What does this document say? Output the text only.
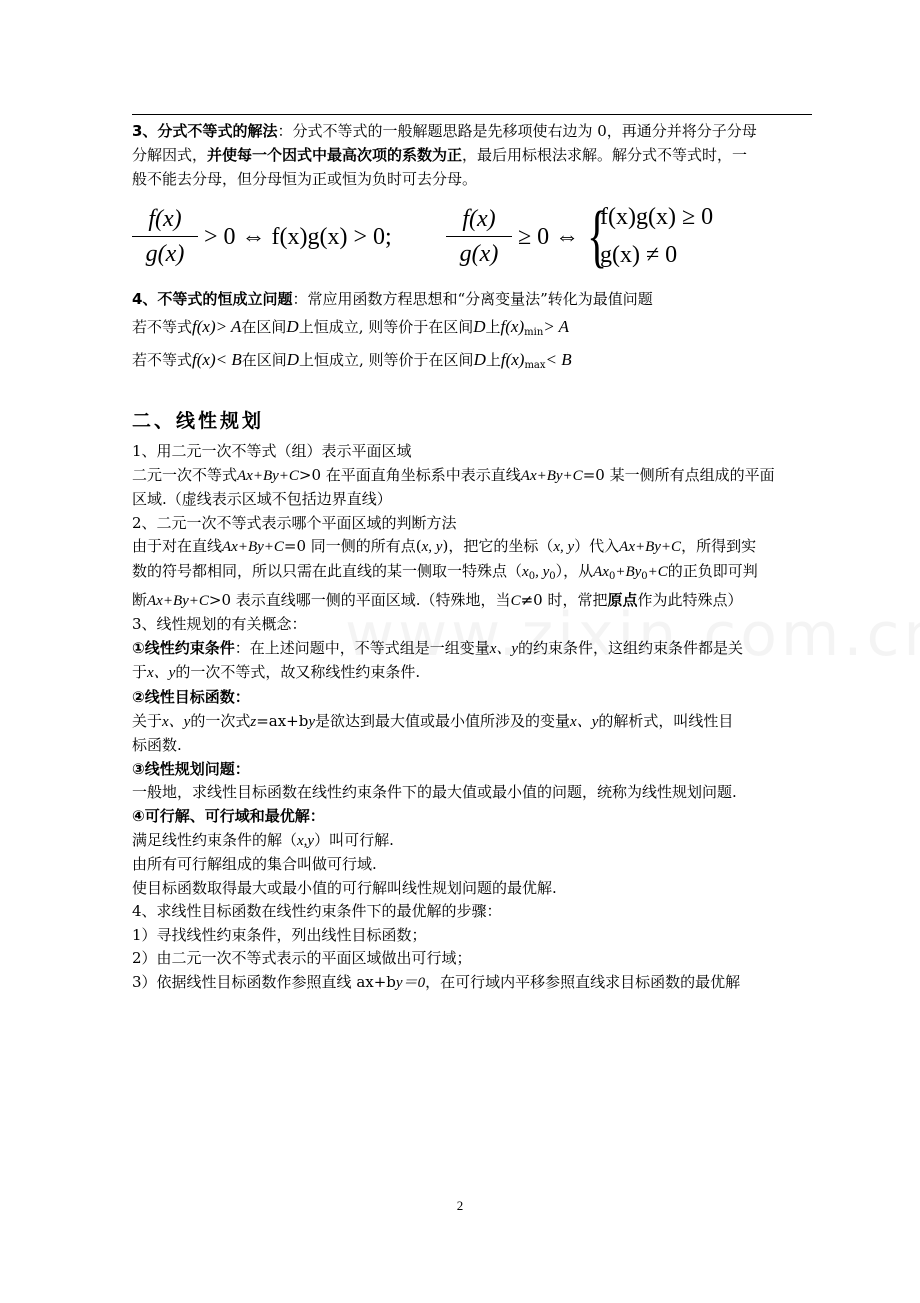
3、分式不等式的解法：分式不等式的一般解题思路是先移项使右边为 0，再通分并将分子分母
分解因式，并使每一个因式中最高次项的系数为正，最后用标根法求解。解分式不等式时，一
般不能去分母，但分母恒为正或恒为负时可去分母。
f(x)
g(x)
> 0 ⇔ f(x)g(x) > 0;
f(x)
g(x)
≥ 0 ⇔ {
f(x)g(x) ≥ 0
g(x) ≠ 0
4、不等式的恒成立问题：常应用函数方程思想和“分离变量法”转化为最值问题
若不等式f(x)> A在区间D上恒成立, 则等价于在区间D上$f(x)_{min}> A$
若不等式f(x)< B在区间D上恒成立, 则等价于在区间D上$f(x)_{max}< B$
二、线性规划
1、用二元一次不等式（组）表示平面区域
二元一次不等式Ax+By+C>0 在平面直角坐标系中表示直线Ax+By+C=0 某一侧所有点组成的平面
区域.（虚线表示区域不包括边界直线）
2、二元一次不等式表示哪个平面区域的判断方法
由于对在直线Ax+By+C=0 同一侧的所有点(x, y)，把它的坐标（x, y）代入Ax+By+C，所得到实
数的符号都相同，所以只需在此直线的某一侧取一特殊点（$x_0$, $y_0$），从$Ax_0+By_0+C$的正负即可判
断Ax+By+C>0 表示直线哪一侧的平面区域.（特殊地，当C≠0 时，常把原点作为此特殊点）
3、线性规划的有关概念：
①线性约束条件：在上述问题中，不等式组是一组变量x、y的约束条件，这组约束条件都是关
于x、y的一次不等式，故又称线性约束条件.
②线性目标函数：
关于x、y的一次式z=ax+by是欲达到最大值或最小值所涉及的变量x、y的解析式，叫线性目
标函数.
③线性规划问题：
一般地，求线性目标函数在线性约束条件下的最大值或最小值的问题，统称为线性规划问题.
④可行解、可行域和最优解：
满足线性约束条件的解（x,y）叫可行解.
由所有可行解组成的集合叫做可行域.
使目标函数取得最大或最小值的可行解叫线性规划问题的最优解.
4、求线性目标函数在线性约束条件下的最优解的步骤：
1）寻找线性约束条件，列出线性目标函数；
2）由二元一次不等式表示的平面区域做出可行域；
3）依据线性目标函数作参照直线 ax+by＝0，在可行域内平移参照直线求目标函数的最优解
2
